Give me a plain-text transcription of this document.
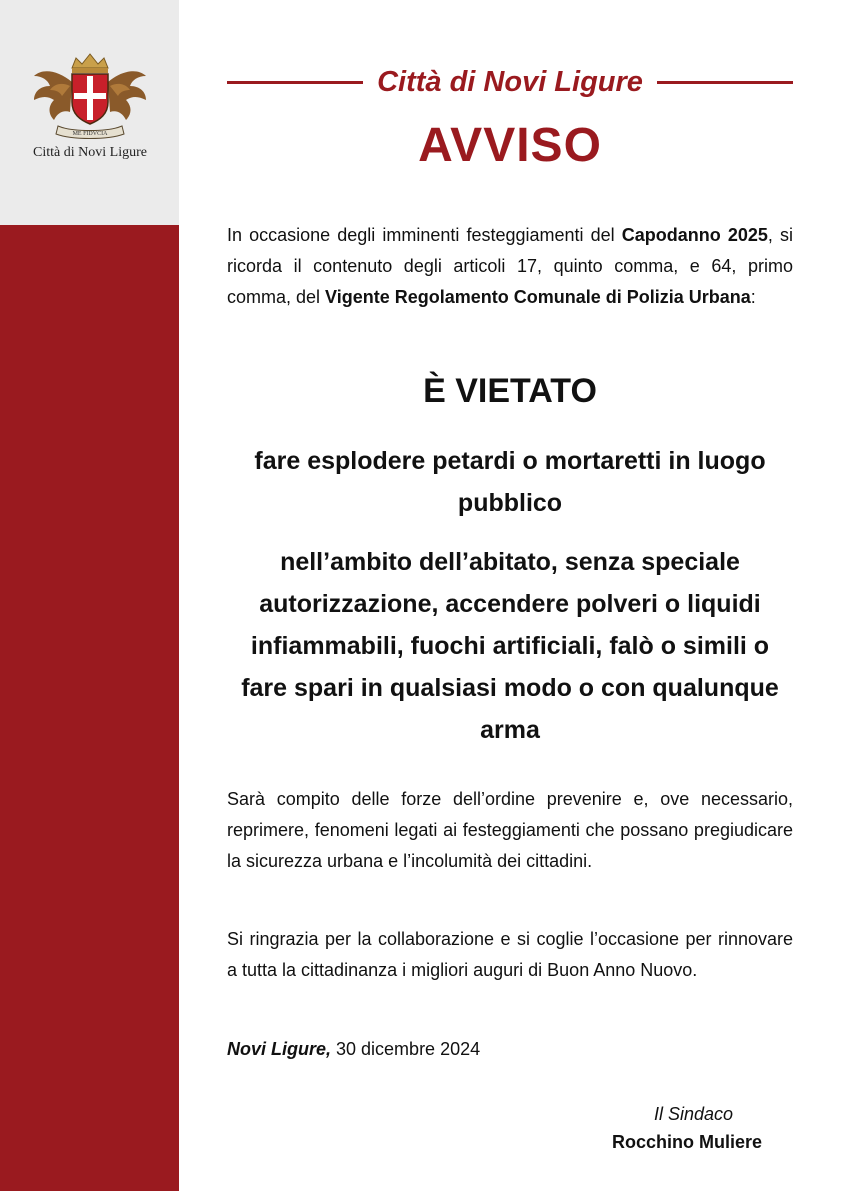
ME FIDVCIA
Città di Novi Ligure
Città di Novi Ligure
AVVISO
In occasione degli imminenti festeggiamenti del Capodanno 2025, si ricorda il contenuto degli articoli 17, quinto comma, e 64, primo comma, del Vigente Regolamento Comunale di Polizia Urbana:
È VIETATO
fare esplodere petardi o mortaretti in luogo pubblico
nell’ambito dell’abitato, senza speciale autorizzazione, accendere polveri o liquidi infiammabili, fuochi artificiali, falò o simili o fare spari in qualsiasi modo o con qualunque arma
Sarà compito delle forze dell’ordine prevenire e, ove necessario, reprimere, fenomeni legati ai festeggiamenti che possano pregiudicare la sicurezza urbana e l’incolumità dei cittadini.
Si ringrazia per la collaborazione e si coglie l’occasione per rinnovare a tutta la cittadinanza i migliori auguri di Buon Anno Nuovo.
Novi Ligure, 30 dicembre 2024
Il Sindaco
Rocchino Muliere
